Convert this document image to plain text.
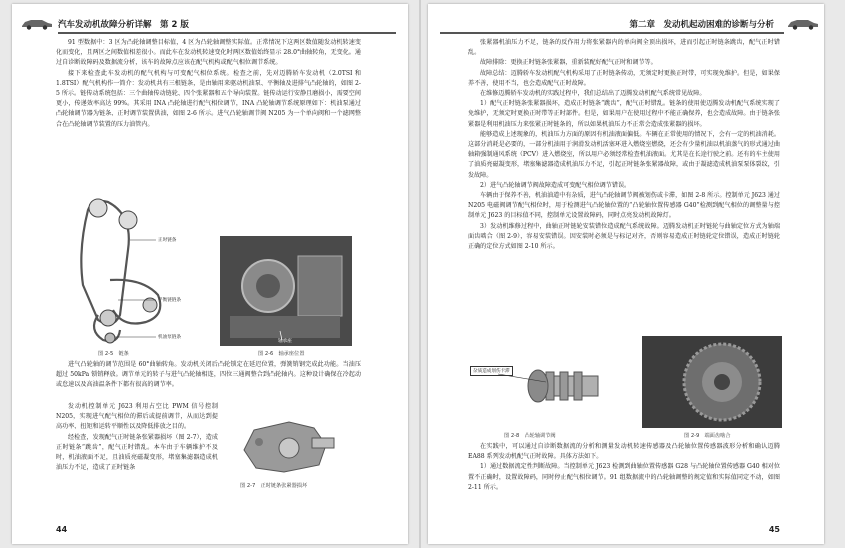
汽车发动机故障分析详解　第 2 版

91 型数据中：3 区为凸轮轴调整目标值，4 区为凸轮轴调整实际值。正常情况下这两区数值随发动机转速变化而变化，且两区之间数值相差很小。而此车在发动机转速变化时两区数值始终显示 28.0°曲轴转角，无变化。通过自诊断故障码及数据流分析，该车的故障点应该在配气机构或配气相位调节系统。

接下来检查此车发动机的配气机构与可变配气相位系统。检查之前，先对迈腾轿车发动机（2.0TSI 和 1.8TSI）配气机构作一简介：发动机共有三根链条，是由轴用来驱动机油泵、平衡轴及进排气凸轮轴的，如图 2-5 所示。链传动系统包括：三个曲轴传动链轮、四个张紧器和五个导向装置。链传动运行安静且磨损小，需要空间更小，传递效率高达 99%。其采用 INA 凸轮轴进行配气相位调节，INA 凸轮轴调节系统原理如下：机油泵通过凸轮轴调节器为链条、正时调节装置供油，如图 2-6 所示。进气凸轮轴调节阀 N205 为一个单向阀和一个滤网整合在凸轮轴调节装置的压力油管内。

正时链条
平衡链链条
机油泵链条
图 2-5　链条
轴承座
图 2-6　轴承座位置

进气凸轮轴的调节范围是 60°曲轴转角。发动机关闭后凸轮锁定在延迟位置，弹簧销钢完成此功能。当油压超过 50kPa 锁销释放。调节单元的转子与进气凸轮轴相连，四位三通阀整合到凸轮轴内。这种设计确保在冷起动或怠速以及高油温条件下都有很高的调节率。

发动机控制单元 J623 利用占空比 PWM 信号控制 N205，实现进气配气相位的滞后或提前调节，从而达到提高功率、扭矩和运转平顺性以及降低排放之目的。

经检查，发现配气正时链条张紧器损坏（图 2-7），造成正时链条“跳齿”，配气正时错乱。本车由于车辆维护不及时，机油液面不足，且油质亮磁凝变形，堵塞集滤器造成机油压力不足，造成了正时链条

图 2-7　正时链条张紧器损坏
44
第二章　发动机起动困难的诊断与分析

张紧器机油压力不足，链条的反作用力将张紧器内的单向阀全顶出损坏，进而引起正时链条跳齿，配气正时错乱。

故障排除：更换正时链条张紧器，重新装配好配气正时和调节等。

故障总结：迈腾轿车发动机配气机构采用了正时链条传动，无须定时更换正时带，可实现免维护。但是，如果保养不善，使用不当，也会造成配气正时故障。

在维修迈腾轿车发动机的实践过程中，我们总结出了迈腾发动机配气系统常见故障。

1）配气正时链条张紧器损坏，造成正时链条“跳齿”，配气正时错乱。链条的使用使迈腾发动机配气系统实现了免维护，无须定时更换正时带等正时部件。但是，如果用户在使用过程中不能正确保养，也会造成故障。由于链条张紧器是利用机油压力来张紧正时链条的，所以如果机油压力不正常会造成张紧器的损坏。

能够造成上述现象的，机油压力方面的原因有机油液面偏低。车辆在正常使用的情况下，会有一定的机油消耗。这部分消耗是必要的，一部分机油用于润滑发动机活塞环进入燃烧室燃烧，还会有少量机油以机油蒸气的形式通过曲轴箱强制通风系统（PCV）进入燃烧室，所以用户必须经常检查机油液面。尤其是在长途行驶之前。还有的车主使用了油质亮磁凝变形，堵塞集滤器造成机油压力不足，引起正时链条张紧器故障，或由于凝滤造成机油泵泵体裂纹，引发故障。

2）进气凸轮轴调节阀故障造成可变配气相位调节错误。

车辆由于保养不善，机油油道中有杂质，进气凸轮轴调节阀被划伤或卡滞，如图 2-8 所示。控制单元 J623 通过 N205 电磁阀调节配气相位时，用于检测进气凸轮轴位置的“凸轮轴位置传感器 G40”检测到配气相位的调整量与控制单元 J623 的目标值不同，控制单元设置故障码，同时点亮发动机故障灯。

3）发动机维修过程中，曲轴正时链轮安装错位造成配气系统故障。迈腾发动机正时链轮与曲轴定位方式为轴端面齿啮合（图 2-9），容易安装错误。因安装时必须是与标记对齐，否则容易造成正时链轮定位错误，造成正时链轮正确的定位方式如图 2-10 所示。

杂质造成划伤卡滞
图 2-8　凸轮轴调节阀	图 2-9　端面齿啮合

在实践中，可以通过自诊断数据流的分析和测量发动机转速传感器及凸轮轴位置传感器波形分析和确认迈腾 EA88 系列发动机配气正时故障。具体方法如下。

1）通过数据流定性判断故障。当控制单元 J623 检测到曲轴位置传感器 G28 与凸轮轴位置传感器 G40 相对位置不正确时，设置故障码，同时停止配气相位调节。91 组数据流中的凸轮轴调整的规定值和实际值同定不动，如图 2-11 所示。

45
